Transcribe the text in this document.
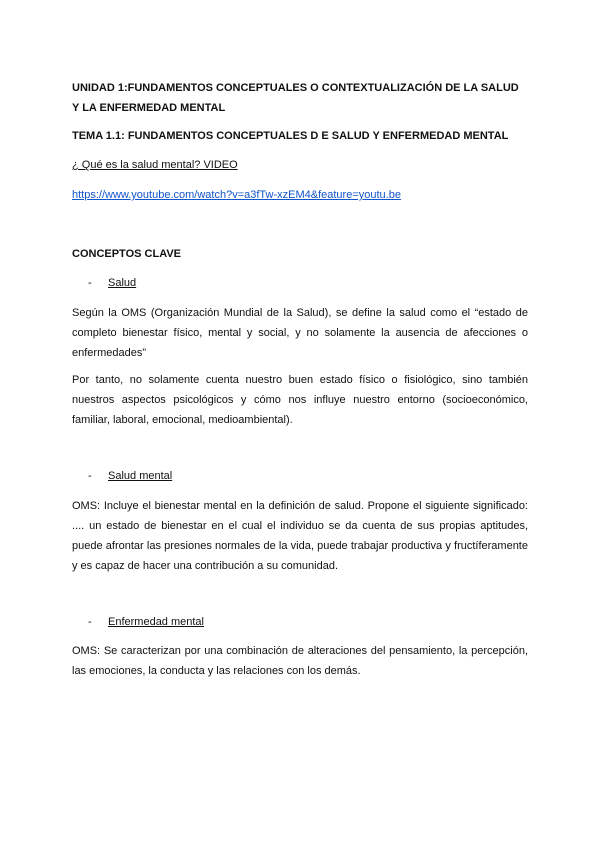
UNIDAD 1:FUNDAMENTOS CONCEPTUALES O CONTEXTUALIZACIÓN DE LA SALUD Y LA ENFERMEDAD MENTAL
TEMA 1.1: FUNDAMENTOS CONCEPTUALES D E SALUD Y ENFERMEDAD MENTAL
¿ Qué es la salud mental? VIDEO
https://www.youtube.com/watch?v=a3fTw-xzEM4&feature=youtu.be
CONCEPTOS CLAVE
- Salud
Según la OMS (Organización Mundial de la Salud), se define la salud como el “estado de completo bienestar físico, mental y social, y no solamente la ausencia de afecciones o enfermedades”
Por tanto, no solamente cuenta nuestro buen estado físico o fisiológico, sino también nuestros aspectos psicológicos y cómo nos influye nuestro entorno (socioeconómico, familiar, laboral, emocional, medioambiental).
- Salud mental
OMS: Incluye el bienestar mental en la definición de salud. Propone el siguiente significado: .... un estado de bienestar en el cual el individuo se da cuenta de sus propias aptitudes, puede afrontar las presiones normales de la vida, puede trabajar productiva y fructíferamente y es capaz de hacer una contribución a su comunidad.
- Enfermedad mental
OMS: Se caracterizan por una combinación de alteraciones del pensamiento, la percepción, las emociones, la conducta y las relaciones con los demás.
